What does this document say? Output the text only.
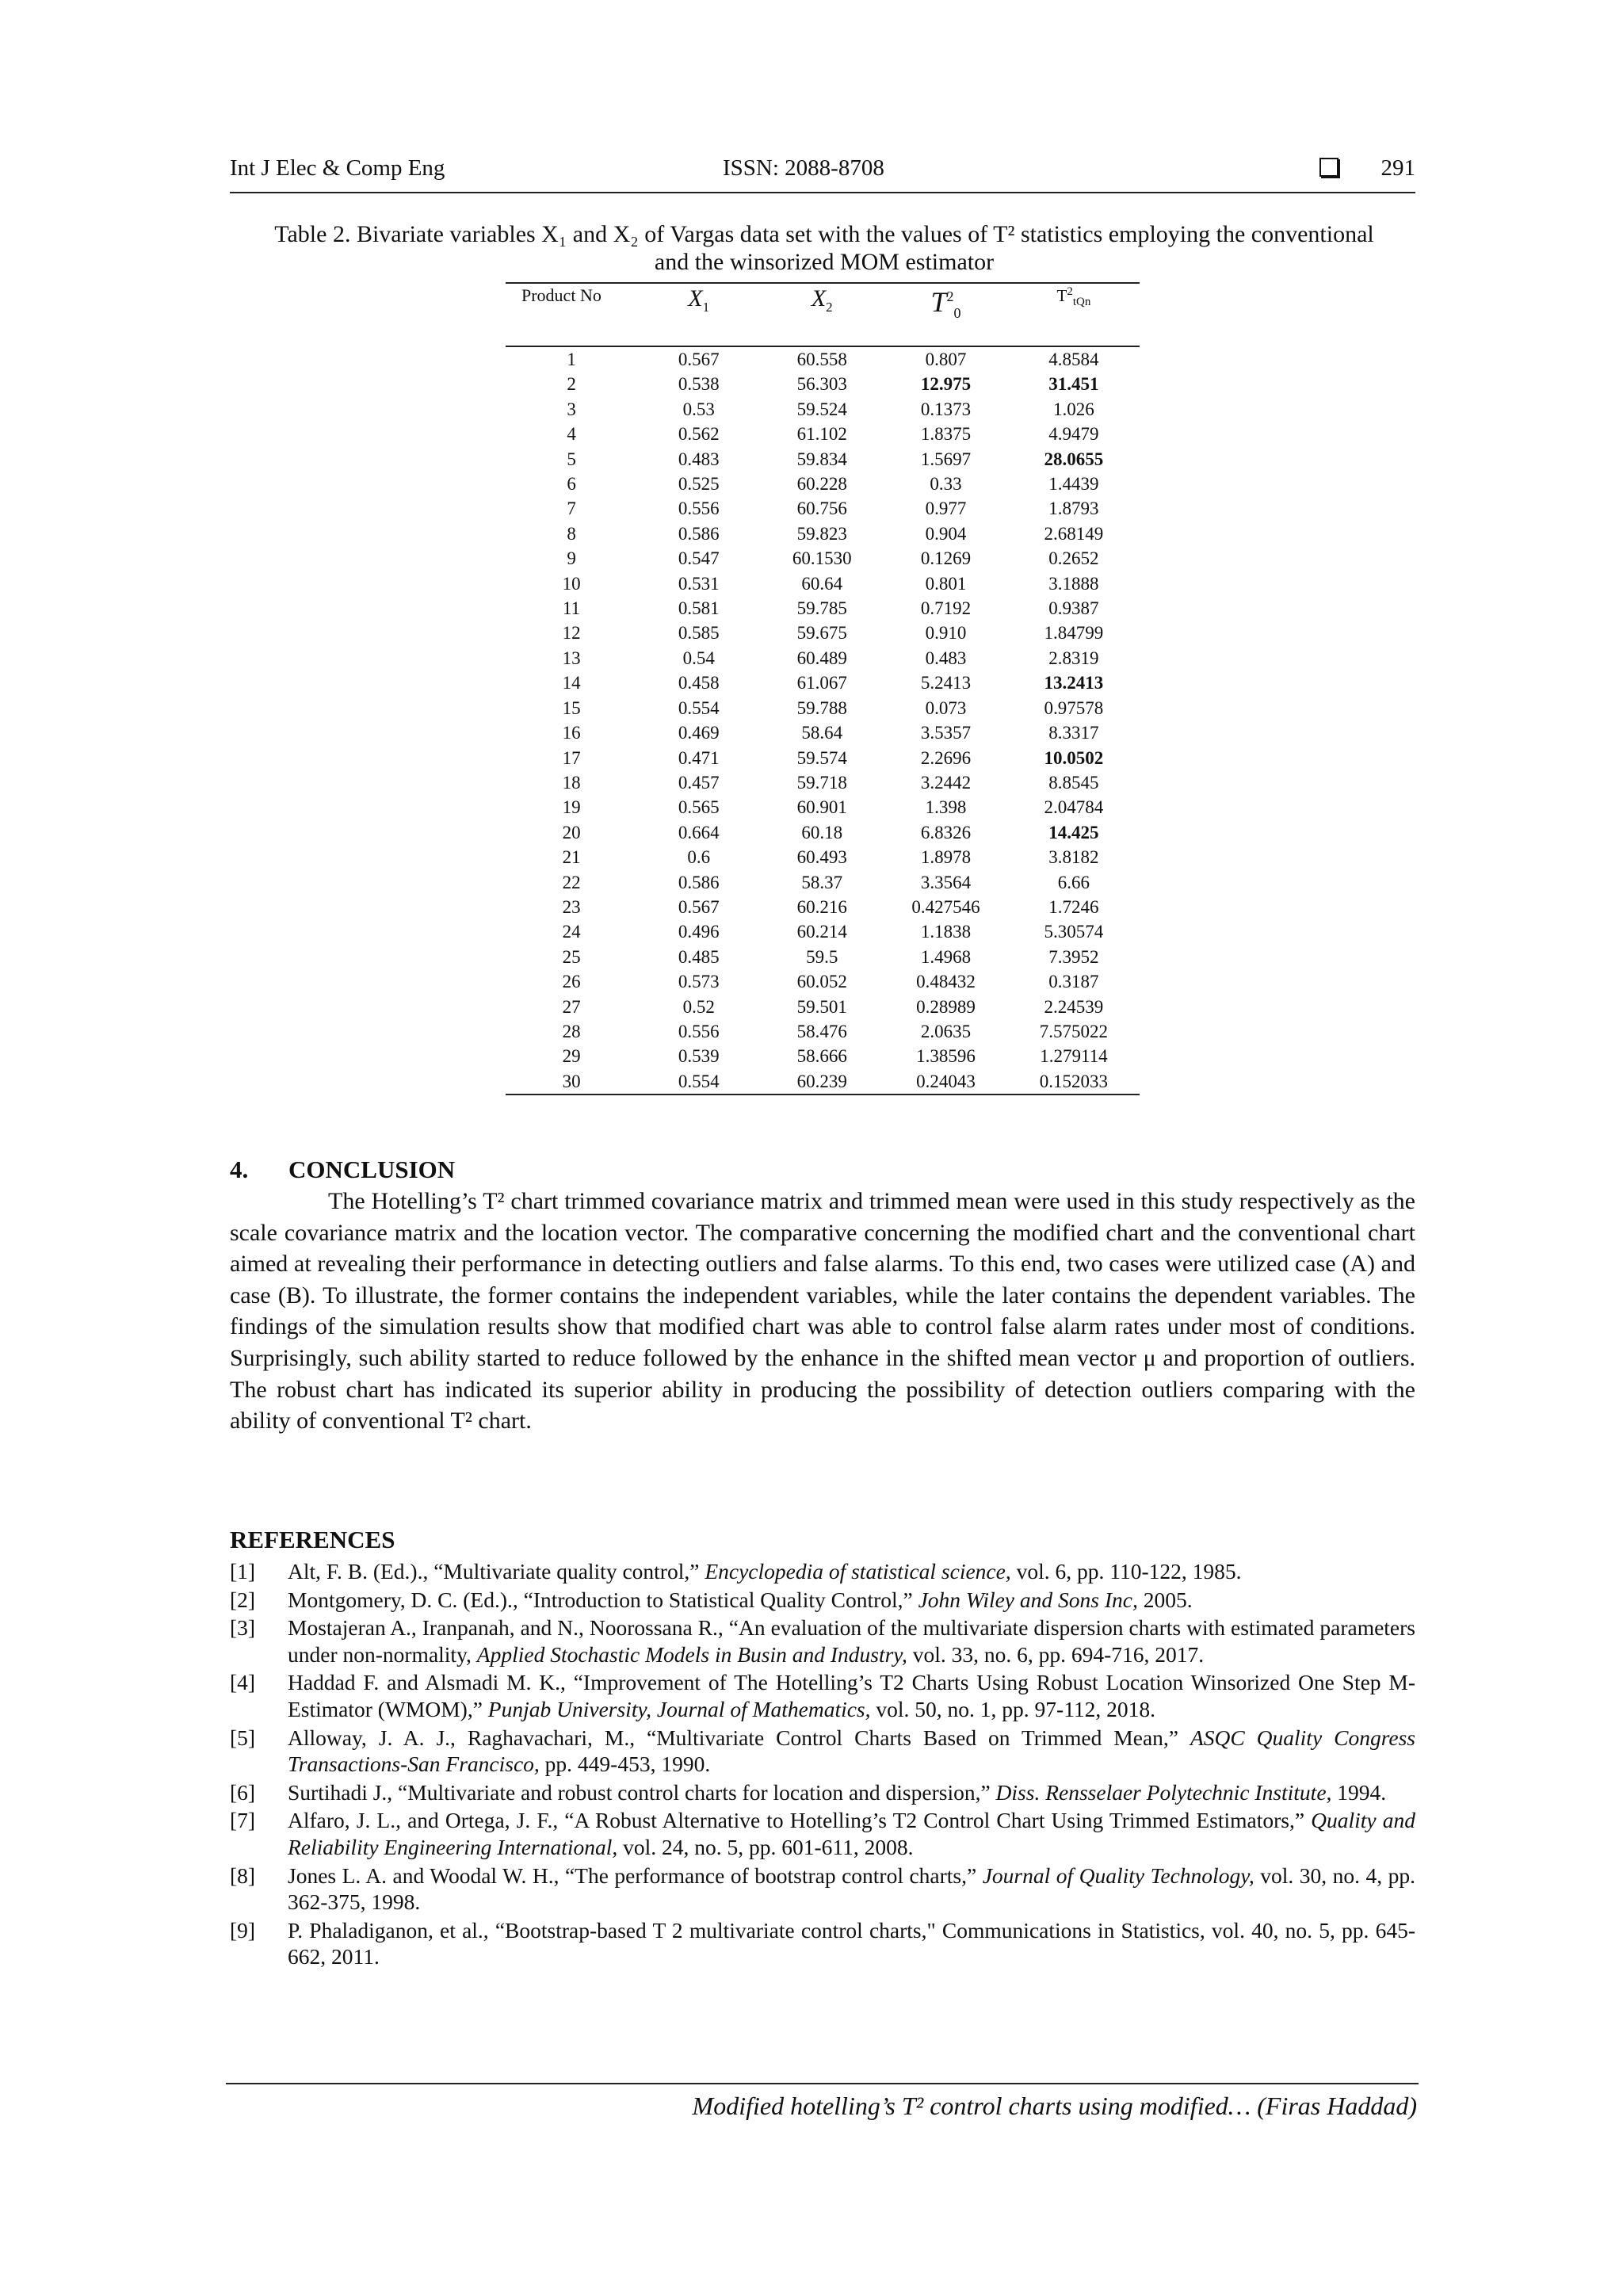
Int J Elec & Comp Eng	ISSN: 2088-8708	291
Table 2. Bivariate variables X₁ and X₂ of Vargas data set with the values of T² statistics employing the conventional and the winsorized MOM estimator
Product No	$X_1$	$X_2$	$T^2_0$	$T^2_{tQn}$
1	0.567	60.558	0.807	4.8584
2	0.538	56.303	12.975	31.451
3	0.53	59.524	0.1373	1.026
4	0.562	61.102	1.8375	4.9479
5	0.483	59.834	1.5697	28.0655
6	0.525	60.228	0.33	1.4439
7	0.556	60.756	0.977	1.8793
8	0.586	59.823	0.904	2.68149
9	0.547	60.1530	0.1269	0.2652
10	0.531	60.64	0.801	3.1888
11	0.581	59.785	0.7192	0.9387
12	0.585	59.675	0.910	1.84799
13	0.54	60.489	0.483	2.8319
14	0.458	61.067	5.2413	13.2413
15	0.554	59.788	0.073	0.97578
16	0.469	58.64	3.5357	8.3317
17	0.471	59.574	2.2696	10.0502
18	0.457	59.718	3.2442	8.8545
19	0.565	60.901	1.398	2.04784
20	0.664	60.18	6.8326	14.425
21	0.6	60.493	1.8978	3.8182
22	0.586	58.37	3.3564	6.66
23	0.567	60.216	0.427546	1.7246
24	0.496	60.214	1.1838	5.30574
25	0.485	59.5	1.4968	7.3952
26	0.573	60.052	0.48432	0.3187
27	0.52	59.501	0.28989	2.24539
28	0.556	58.476	2.0635	7.575022
29	0.539	58.666	1.38596	1.279114
30	0.554	60.239	0.24043	0.152033
4. CONCLUSION
The Hotelling’s T² chart trimmed covariance matrix and trimmed mean were used in this study respectively as the scale covariance matrix and the location vector. The comparative concerning the modified chart and the conventional chart aimed at revealing their performance in detecting outliers and false alarms. To this end, two cases were utilized case (A) and case (B). To illustrate, the former contains the independent variables, while the later contains the dependent variables. The findings of the simulation results show that modified chart was able to control false alarm rates under most of conditions. Surprisingly, such ability started to reduce followed by the enhance in the shifted mean vector μ and proportion of outliers. The robust chart has indicated its superior ability in producing the possibility of detection outliers comparing with the ability of conventional T² chart.
REFERENCES
[1]	Alt, F. B. (Ed.)., “Multivariate quality control,” Encyclopedia of statistical science, vol. 6, pp. 110-122, 1985.
[2]	Montgomery, D. C. (Ed.)., “Introduction to Statistical Quality Control,” John Wiley and Sons Inc, 2005.
[3]	Mostajeran A., Iranpanah, and N., Noorossana R., “An evaluation of the multivariate dispersion charts with estimated parameters under non-normality, Applied Stochastic Models in Busin and Industry, vol. 33, no. 6, pp. 694-716, 2017.
[4]	Haddad F. and Alsmadi M. K., “Improvement of The Hotelling’s T2 Charts Using Robust Location Winsorized One Step M-Estimator (WMOM),” Punjab University, Journal of Mathematics, vol. 50, no. 1, pp. 97-112, 2018.
[5]	Alloway, J. A. J., Raghavachari, M., “Multivariate Control Charts Based on Trimmed Mean,” ASQC Quality Congress Transactions-San Francisco, pp. 449-453, 1990.
[6]	Surtihadi J., “Multivariate and robust control charts for location and dispersion,” Diss. Rensselaer Polytechnic Institute, 1994.
[7]	Alfaro, J. L., and Ortega, J. F., “A Robust Alternative to Hotelling’s T2 Control Chart Using Trimmed Estimators,” Quality and Reliability Engineering International, vol. 24, no. 5, pp. 601-611, 2008.
[8]	Jones L. A. and Woodal W. H., “The performance of bootstrap control charts,” Journal of Quality Technology, vol. 30, no. 4, pp. 362-375, 1998.
[9]	P. Phaladiganon, et al., “Bootstrap-based T 2 multivariate control charts," Communications in Statistics, vol. 40, no. 5, pp. 645-662, 2011.
Modified hotelling’s T² control charts using modified… (Firas Haddad)
